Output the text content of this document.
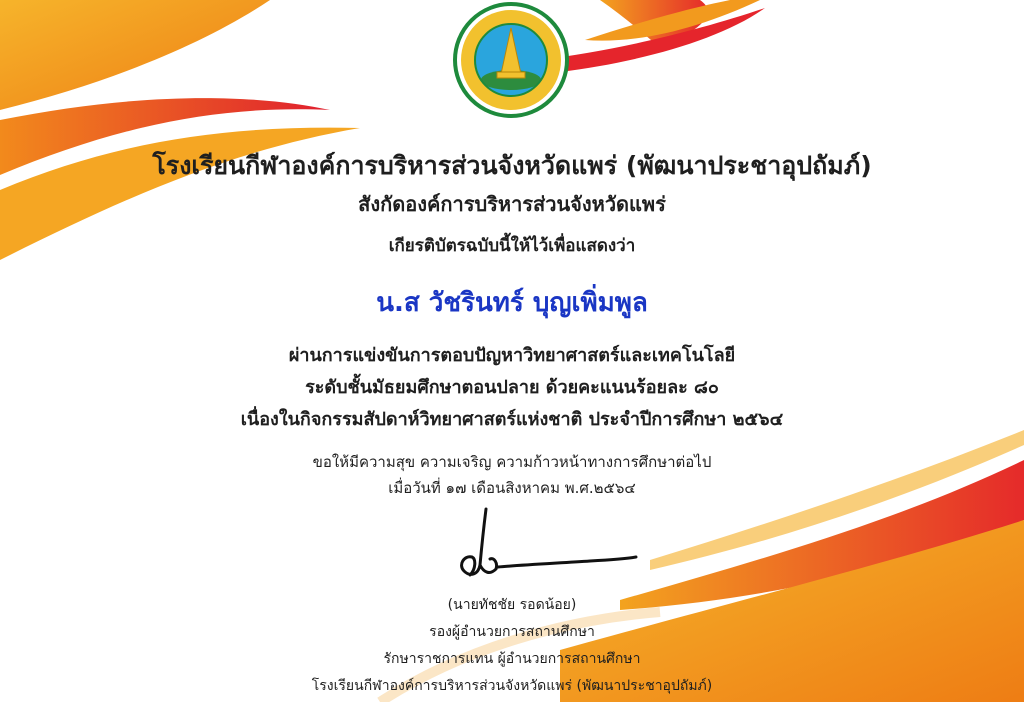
โรงเรียนกีฬาองค์การบริหารส่วนจังหวัดแพร่ (พัฒนาประชาอุปถัมภ์)
สังกัดองค์การบริหารส่วนจังหวัดแพร่
เกียรติบัตรฉบับนี้ให้ไว้เพื่อแสดงว่า
น.ส วัชรินทร์ บุญเพิ่มพูล
ผ่านการแข่งขันการตอบปัญหาวิทยาศาสตร์และเทคโนโลยี
ระดับชั้นมัธยมศึกษาตอนปลาย ด้วยคะแนนร้อยละ ๘๐
เนื่องในกิจกรรมสัปดาห์วิทยาศาสตร์แห่งชาติ ประจำปีการศึกษา ๒๕๖๔
ขอให้มีความสุข ความเจริญ ความก้าวหน้าทางการศึกษาต่อไป
เมื่อวันที่ ๑๗ เดือนสิงหาคม พ.ศ.๒๕๖๔
(นายทัชชัย รอดน้อย)
รองผู้อำนวยการสถานศึกษา
รักษาราชการแทน ผู้อำนวยการสถานศึกษา
โรงเรียนกีฬาองค์การบริหารส่วนจังหวัดแพร่ (พัฒนาประชาอุปถัมภ์)
